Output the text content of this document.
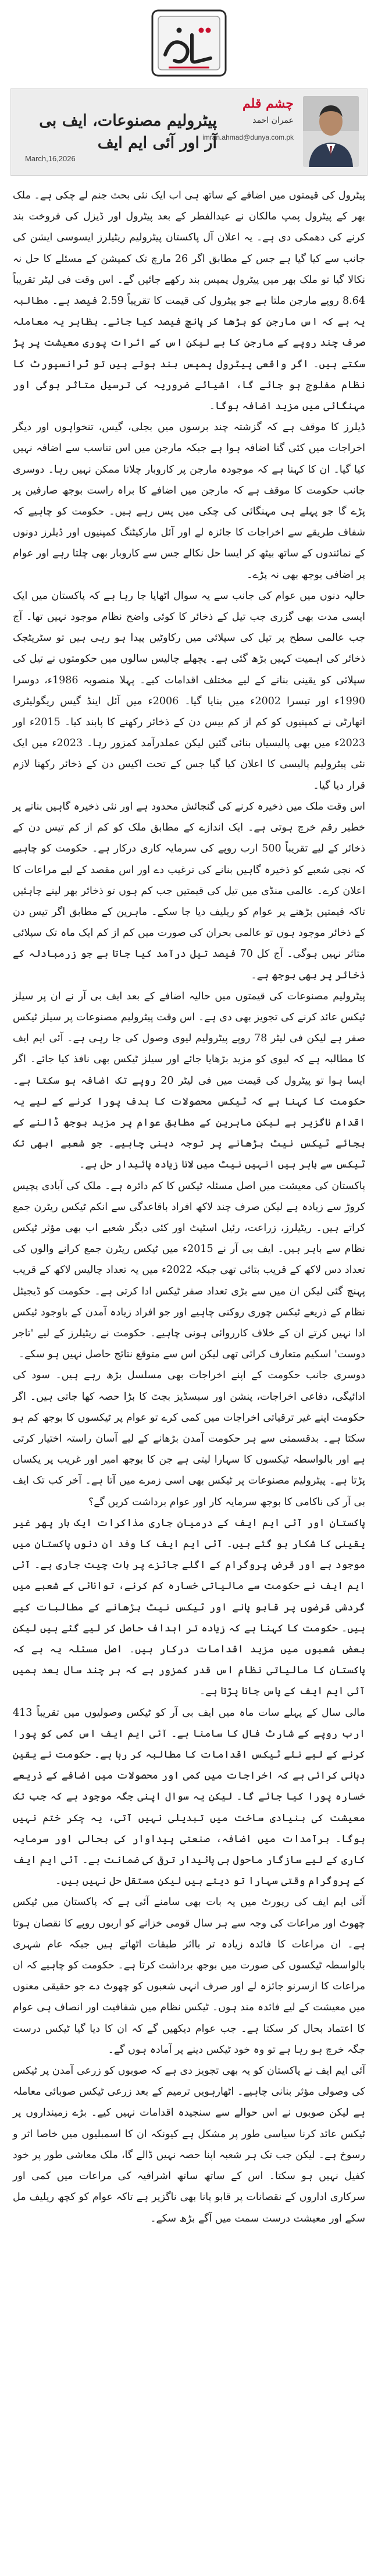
چشم قلم
عمران احمد
imran.ahmad@dunya.com.pk
پیٹرولیم مصنوعات، ایف بی آر اور آئی ایم ایف
March,16,2026

پیٹرول کی قیمتوں میں اضافے کے ساتھ ہی اب ایک نئی بحث جنم لے چکی ہے۔ ملک بھر کے پیٹرول پمپ مالکان نے عیدالفطر کے بعد پیٹرول اور ڈیزل کی فروخت بند کرنے کی دھمکی دی ہے۔ یہ اعلان آل پاکستان پیٹرولیم ریٹیلرز ایسوسی ایشن کی جانب سے کیا گیا ہے جس کے مطابق اگر 26 مارچ تک کمیشن کے مسئلے کا حل نہ نکالا گیا تو ملک بھر میں پیٹرول پمپس بند رکھے جائیں گے۔ اس وقت فی لیٹر تقریباً 8.64 روپے مارجن ملتا ہے جو پیٹرول کی قیمت کا تقریباً 2.59 فیصد ہے۔ مطالبہ یہ ہے کہ اس مارجن کو بڑھا کر پانچ فیصد کیا جائے۔ بظاہر یہ معاملہ صرف چند روپے کے مارجن کا ہے لیکن اس کے اثرات پوری معیشت پر پڑ سکتے ہیں۔ اگر واقعی پیٹرول پمپس بند ہوتے ہیں تو ٹرانسپورٹ کا نظام مفلوج ہو جائے گا، اشیائے ضروریہ کی ترسیل متاثر ہوگی اور مہنگائی میں مزید اضافہ ہوگا۔

ڈیلرز کا موقف ہے کہ گزشتہ چند برسوں میں بجلی، گیس، تنخواہوں اور دیگر اخراجات میں کئی گنا اضافہ ہوا ہے جبکہ مارجن میں اس تناسب سے اضافہ نہیں کیا گیا۔ ان کا کہنا ہے کہ موجودہ مارجن پر کاروبار چلانا ممکن نہیں رہا۔ دوسری جانب حکومت کا موقف ہے کہ مارجن میں اضافے کا براہ راست بوجھ صارفین پر پڑے گا جو پہلے ہی مہنگائی کی چکی میں پس رہے ہیں۔ حکومت کو چاہیے کہ شفاف طریقے سے اخراجات کا جائزہ لے اور آئل مارکیٹنگ کمپنیوں اور ڈیلرز دونوں کے نمائندوں کے ساتھ بیٹھ کر ایسا حل نکالے جس سے کاروبار بھی چلتا رہے اور عوام پر اضافی بوجھ بھی نہ پڑے۔

حالیہ دنوں میں عوام کی جانب سے یہ سوال اٹھایا جا رہا ہے کہ پاکستان میں ایک ایسی مدت بھی گزری جب تیل کے ذخائر کا کوئی واضح نظام موجود نہیں تھا۔ آج جب عالمی سطح پر تیل کی سپلائی میں رکاوٹیں پیدا ہو رہی ہیں تو سٹریٹجک ذخائر کی اہمیت کہیں بڑھ گئی ہے۔ پچھلے چالیس سالوں میں حکومتوں نے تیل کی سپلائی کو یقینی بنانے کے لیے مختلف اقدامات کیے۔ پہلا منصوبہ 1986ء، دوسرا 1990ء اور تیسرا 2002ء میں بنایا گیا۔ 2006ء میں آئل اینڈ گیس ریگولیٹری اتھارٹی نے کمپنیوں کو کم از کم بیس دن کے ذخائر رکھنے کا پابند کیا۔ 2015ء اور 2023ء میں بھی پالیسیاں بنائی گئیں لیکن عملدرآمد کمزور رہا۔ 2023ء میں ایک نئی پیٹرولیم پالیسی کا اعلان کیا گیا جس کے تحت اکیس دن کے ذخائر رکھنا لازم قرار دیا گیا۔

اس وقت ملک میں ذخیرہ کرنے کی گنجائش محدود ہے اور نئی ذخیرہ گاہیں بنانے پر خطیر رقم خرچ ہوتی ہے۔ ایک اندازے کے مطابق ملک کو کم از کم تیس دن کے ذخائر کے لیے تقریباً 500 ارب روپے کی سرمایہ کاری درکار ہے۔ حکومت کو چاہیے کہ نجی شعبے کو ذخیرہ گاہیں بنانے کی ترغیب دے اور اس مقصد کے لیے مراعات کا اعلان کرے۔ عالمی منڈی میں تیل کی قیمتیں جب کم ہوں تو ذخائر بھر لینے چاہئیں تاکہ قیمتیں بڑھنے پر عوام کو ریلیف دیا جا سکے۔ ماہرین کے مطابق اگر تیس دن کے ذخائر موجود ہوں تو عالمی بحران کی صورت میں کم از کم ایک ماہ تک سپلائی متاثر نہیں ہوگی۔ آج کل 70 فیصد تیل درآمد کیا جاتا ہے جو زرمبادلہ کے ذخائر پر بھی بوجھ ہے۔

پیٹرولیم مصنوعات کی قیمتوں میں حالیہ اضافے کے بعد ایف بی آر نے ان پر سیلز ٹیکس عائد کرنے کی تجویز بھی دی ہے۔ اس وقت پیٹرولیم مصنوعات پر سیلز ٹیکس صفر ہے لیکن فی لیٹر 78 روپے پیٹرولیم لیوی وصول کی جا رہی ہے۔ آئی ایم ایف کا مطالبہ ہے کہ لیوی کو مزید بڑھایا جائے اور سیلز ٹیکس بھی نافذ کیا جائے۔ اگر ایسا ہوا تو پیٹرول کی قیمت میں فی لیٹر 20 روپے تک اضافہ ہو سکتا ہے۔ حکومت کا کہنا ہے کہ ٹیکس محصولات کا ہدف پورا کرنے کے لیے یہ اقدام ناگزیر ہے لیکن ماہرین کے مطابق عوام پر مزید بوجھ ڈالنے کے بجائے ٹیکس نیٹ بڑھانے پر توجہ دینی چاہیے۔ جو شعبے ابھی تک ٹیکس سے باہر ہیں انہیں نیٹ میں لانا زیادہ پائیدار حل ہے۔

پاکستان کی معیشت میں اصل مسئلہ ٹیکس کا کم دائرہ ہے۔ ملک کی آبادی پچیس کروڑ سے زیادہ ہے لیکن صرف چند لاکھ افراد باقاعدگی سے انکم ٹیکس ریٹرن جمع کراتے ہیں۔ ریٹیلرز، زراعت، رئیل اسٹیٹ اور کئی دیگر شعبے اب بھی مؤثر ٹیکس نظام سے باہر ہیں۔ ایف بی آر نے 2015ء میں ٹیکس ریٹرن جمع کرانے والوں کی تعداد دس لاکھ کے قریب بتائی تھی جبکہ 2022ء میں یہ تعداد چالیس لاکھ کے قریب پہنچ گئی لیکن ان میں سے بڑی تعداد صفر ٹیکس ادا کرتی ہے۔ حکومت کو ڈیجیٹل نظام کے ذریعے ٹیکس چوری روکنی چاہیے اور جو افراد زیادہ آمدن کے باوجود ٹیکس ادا نہیں کرتے ان کے خلاف کارروائی ہونی چاہیے۔ حکومت نے ریٹیلرز کے لیے 'تاجر دوست' اسکیم متعارف کرائی تھی لیکن اس سے متوقع نتائج حاصل نہیں ہو سکے۔

دوسری جانب حکومت کے اپنے اخراجات بھی مسلسل بڑھ رہے ہیں۔ سود کی ادائیگی، دفاعی اخراجات، پنشن اور سبسڈیز بجٹ کا بڑا حصہ کھا جاتی ہیں۔ اگر حکومت اپنے غیر ترقیاتی اخراجات میں کمی کرے تو عوام پر ٹیکسوں کا بوجھ کم ہو سکتا ہے۔ بدقسمتی سے ہر حکومت آمدن بڑھانے کے لیے آسان راستہ اختیار کرتی ہے اور بالواسطہ ٹیکسوں کا سہارا لیتی ہے جن کا بوجھ امیر اور غریب پر یکساں پڑتا ہے۔ پیٹرولیم مصنوعات پر ٹیکس بھی اسی زمرے میں آتا ہے۔ آخر کب تک ایف بی آر کی ناکامی کا بوجھ سرمایہ کار اور عوام برداشت کریں گے؟

پاکستان اور آئی ایم ایف کے درمیان جاری مذاکرات ایک بار پھر غیر یقینی کا شکار ہو گئے ہیں۔ آئی ایم ایف کا وفد ان دنوں پاکستان میں موجود ہے اور قرض پروگرام کے اگلے جائزے پر بات چیت جاری ہے۔ آئی ایم ایف نے حکومت سے مالیاتی خسارہ کم کرنے، توانائی کے شعبے میں گردشی قرضوں پر قابو پانے اور ٹیکس نیٹ بڑھانے کے مطالبات کیے ہیں۔ حکومت کا کہنا ہے کہ زیادہ تر اہداف حاصل کر لیے گئے ہیں لیکن بعض شعبوں میں مزید اقدامات درکار ہیں۔ اصل مسئلہ یہ ہے کہ پاکستان کا مالیاتی نظام اس قدر کمزور ہے کہ ہر چند سال بعد ہمیں آئی ایم ایف کے پاس جانا پڑتا ہے۔

مالی سال کے پہلے سات ماہ میں ایف بی آر کو ٹیکس وصولیوں میں تقریباً 413 ارب روپے کے شارٹ فال کا سامنا ہے۔ آئی ایم ایف اس کمی کو پورا کرنے کے لیے نئے ٹیکس اقدامات کا مطالبہ کر رہا ہے۔ حکومت نے یقین دہانی کرائی ہے کہ اخراجات میں کمی اور محصولات میں اضافے کے ذریعے خسارہ پورا کیا جائے گا۔ لیکن یہ سوال اپنی جگہ موجود ہے کہ جب تک معیشت کی بنیادی ساخت میں تبدیلی نہیں آتی، یہ چکر ختم نہیں ہوگا۔ برآمدات میں اضافہ، صنعتی پیداوار کی بحالی اور سرمایہ کاری کے لیے سازگار ماحول ہی پائیدار ترقی کی ضمانت ہے۔ آئی ایم ایف کے پروگرام وقتی سہارا تو دیتے ہیں لیکن مستقل حل نہیں ہیں۔

آئی ایم ایف کی رپورٹ میں یہ بات بھی سامنے آئی ہے کہ پاکستان میں ٹیکس چھوٹ اور مراعات کی وجہ سے ہر سال قومی خزانے کو اربوں روپے کا نقصان ہوتا ہے۔ ان مراعات کا فائدہ زیادہ تر بااثر طبقات اٹھاتے ہیں جبکہ عام شہری بالواسطہ ٹیکسوں کی صورت میں بوجھ برداشت کرتا ہے۔ حکومت کو چاہیے کہ ان مراعات کا ازسرنو جائزہ لے اور صرف انہی شعبوں کو چھوٹ دے جو حقیقی معنوں میں معیشت کے لیے فائدہ مند ہوں۔ ٹیکس نظام میں شفافیت اور انصاف ہی عوام کا اعتماد بحال کر سکتا ہے۔ جب عوام دیکھیں گے کہ ان کا دیا گیا ٹیکس درست جگہ خرچ ہو رہا ہے تو وہ خود ٹیکس دینے پر آمادہ ہوں گے۔

آئی ایم ایف نے پاکستان کو یہ بھی تجویز دی ہے کہ صوبوں کو زرعی آمدن پر ٹیکس کی وصولی مؤثر بنانی چاہیے۔ اٹھارہویں ترمیم کے بعد زرعی ٹیکس صوبائی معاملہ ہے لیکن صوبوں نے اس حوالے سے سنجیدہ اقدامات نہیں کیے۔ بڑے زمینداروں پر ٹیکس عائد کرنا سیاسی طور پر مشکل ہے کیونکہ ان کا اسمبلیوں میں خاصا اثر و رسوخ ہے۔ لیکن جب تک ہر شعبہ اپنا حصہ نہیں ڈالے گا، ملک معاشی طور پر خود کفیل نہیں ہو سکتا۔ اس کے ساتھ ساتھ اشرافیہ کی مراعات میں کمی اور سرکاری اداروں کے نقصانات پر قابو پانا بھی ناگزیر ہے تاکہ عوام کو کچھ ریلیف مل سکے اور معیشت درست سمت میں آگے بڑھ سکے۔
